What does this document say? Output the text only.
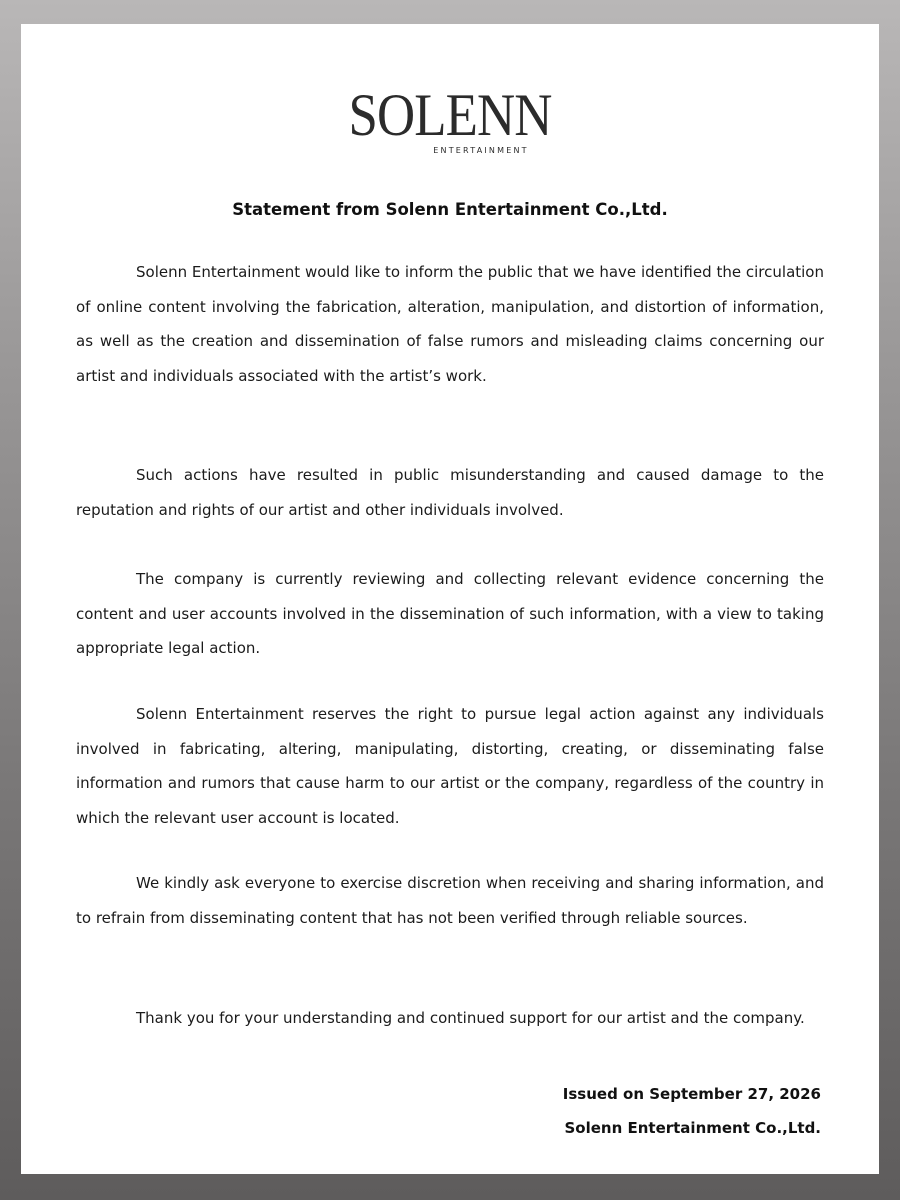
SOLENN
ENTERTAINMENT
Statement from Solenn Entertainment Co.,Ltd.

Solenn Entertainment would like to inform the public that we have identified the circulation of online content involving the fabrication, alteration, manipulation, and distortion of information, as well as the creation and dissemination of false rumors and misleading claims concerning our artist and individuals associated with the artist’s work.

Such actions have resulted in public misunderstanding and caused damage to the reputation and rights of our artist and other individuals involved.

The company is currently reviewing and collecting relevant evidence concerning the content and user accounts involved in the dissemination of such information, with a view to taking appropriate legal action.

Solenn Entertainment reserves the right to pursue legal action against any individuals involved in fabricating, altering, manipulating, distorting, creating, or disseminating false information and rumors that cause harm to our artist or the company, regardless of the country in which the relevant user account is located.

We kindly ask everyone to exercise discretion when receiving and sharing information, and to refrain from disseminating content that has not been verified through reliable sources.

Thank you for your understanding and continued support for our artist and the company.

Issued on September 27, 2026
Solenn Entertainment Co.,Ltd.
